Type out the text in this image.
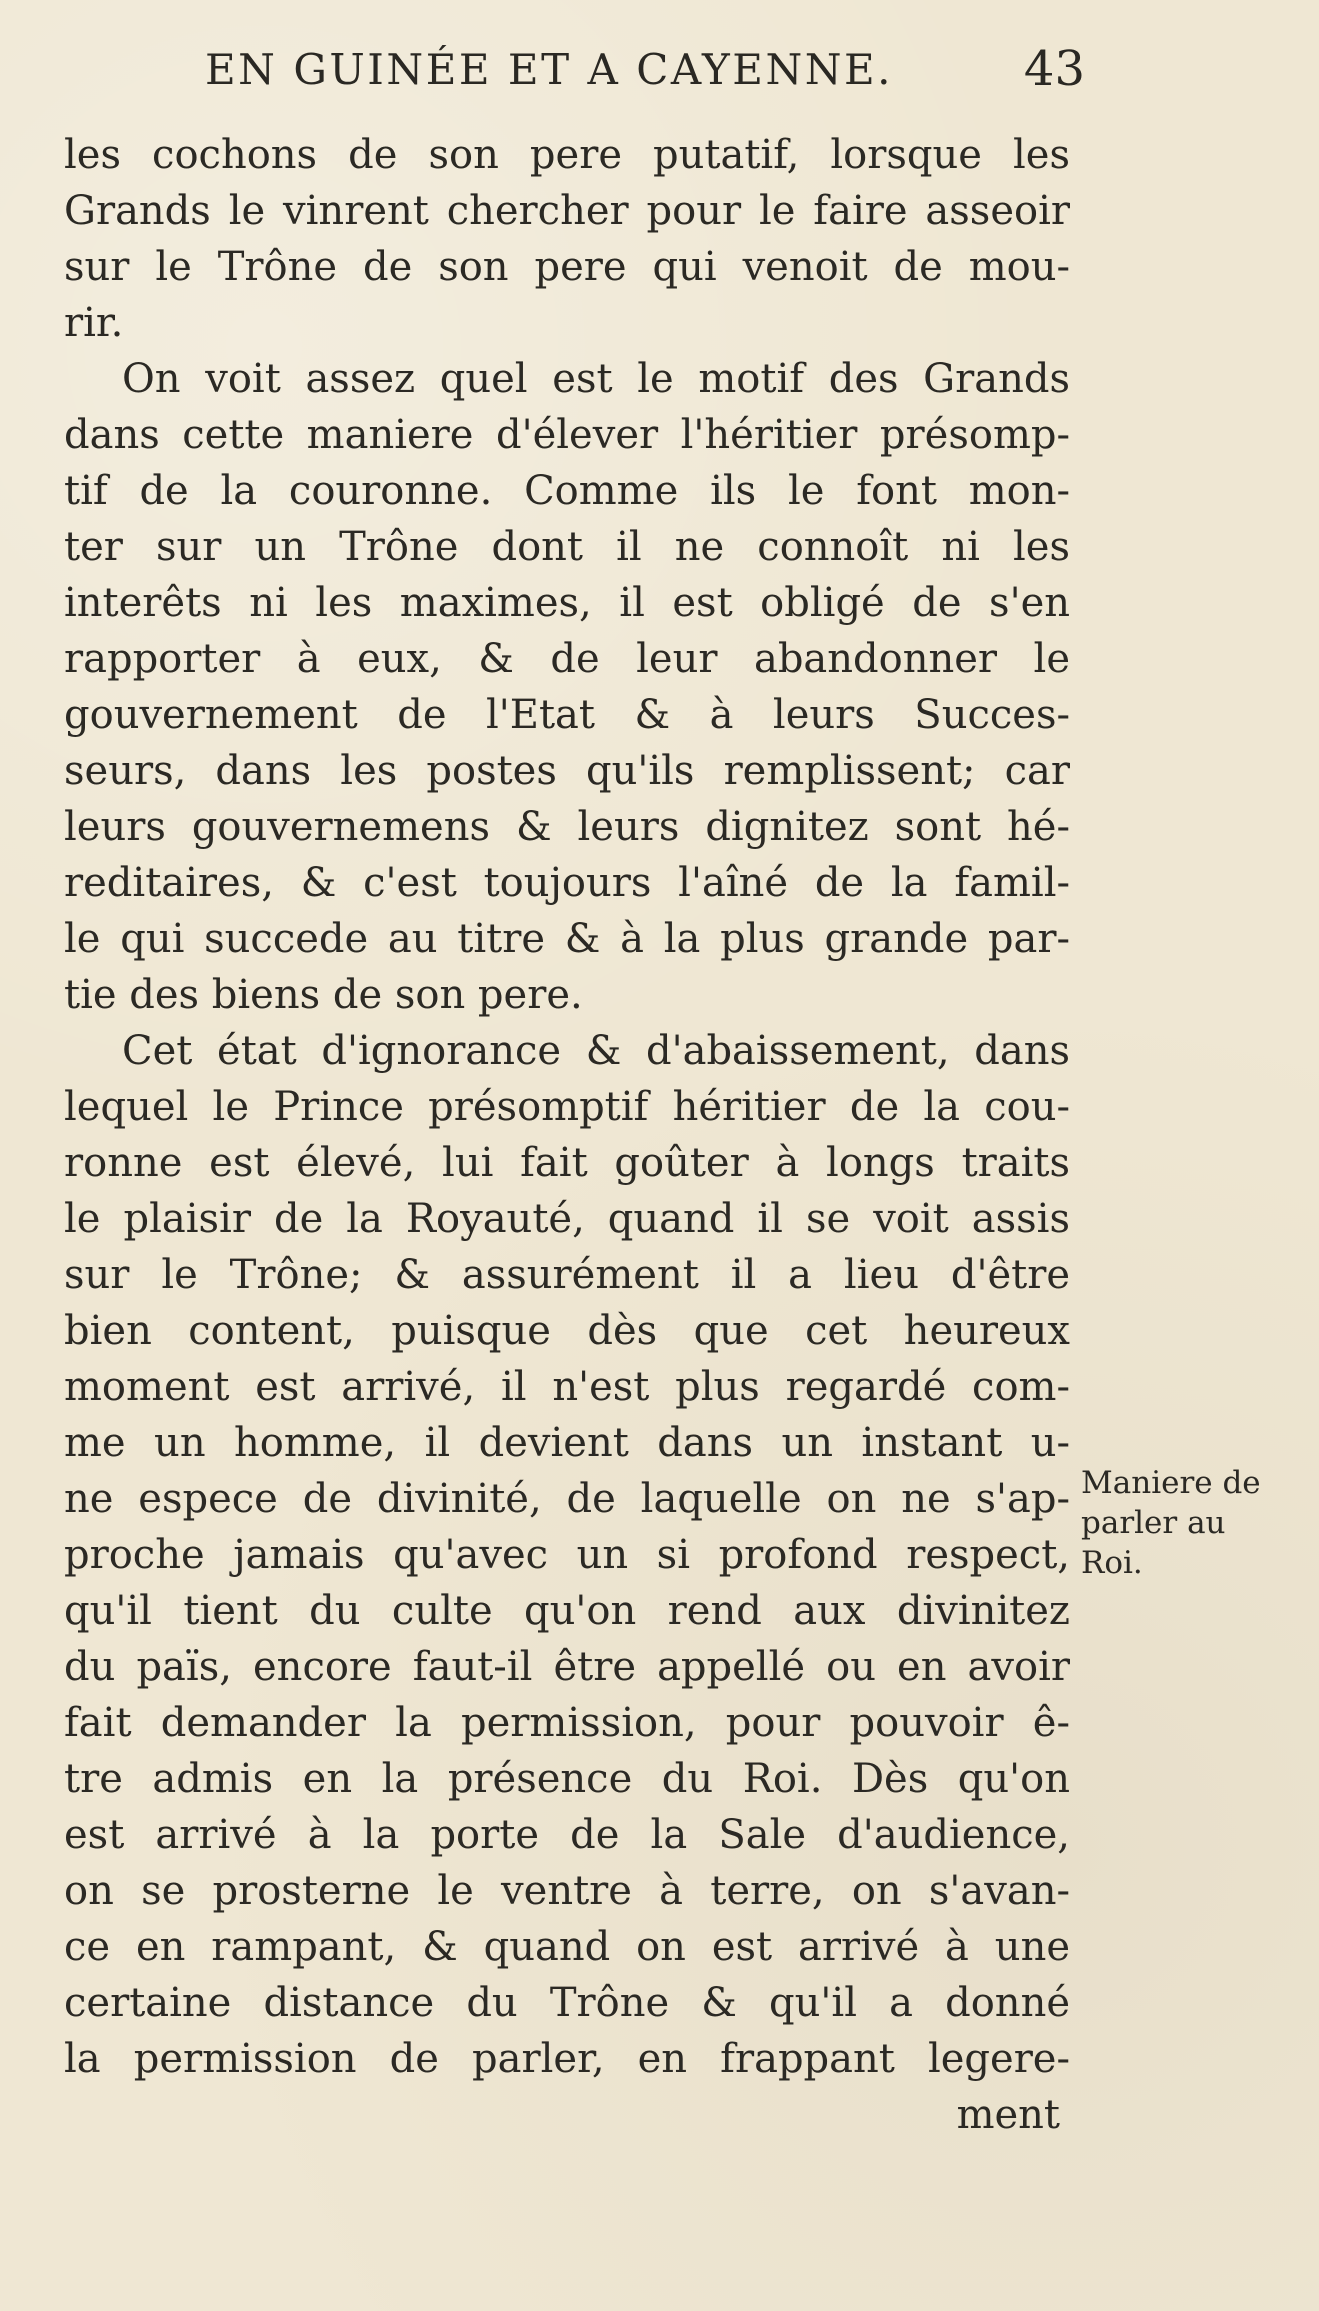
EN GUINÉE ET A CAYENNE.	43
les cochons de son pere putatif, lorsque les
Grands le vinrent chercher pour le faire asseoir
sur le Trône de son pere qui venoit de mou-
rir.
On voit assez quel est le motif des Grands
dans cette maniere d'élever l'héritier présomp-
tif de la couronne. Comme ils le font mon-
ter sur un Trône dont il ne connoît ni les
interêts ni les maximes, il est obligé de s'en
rapporter à eux, & de leur abandonner le
gouvernement de l'Etat & à leurs Succes-
seurs, dans les postes qu'ils remplissent; car
leurs gouvernemens & leurs dignitez sont hé-
reditaires, & c'est toujours l'aîné de la famil-
le qui succede au titre & à la plus grande par-
tie des biens de son pere.
Cet état d'ignorance & d'abaissement, dans
lequel le Prince présomptif héritier de la cou-
ronne est élevé, lui fait goûter à longs traits
le plaisir de la Royauté, quand il se voit assis
sur le Trône; & assurément il a lieu d'être
bien content, puisque dès que cet heureux
moment est arrivé, il n'est plus regardé com-
me un homme, il devient dans un instant u-
ne espece de divinité, de laquelle on ne s'ap-
proche jamais qu'avec un si profond respect,
qu'il tient du culte qu'on rend aux divinitez
du païs, encore faut-il être appellé ou en avoir
fait demander la permission, pour pouvoir ê-
tre admis en la présence du Roi. Dès qu'on
est arrivé à la porte de la Sale d'audience,
on se prosterne le ventre à terre, on s'avan-
ce en rampant, & quand on est arrivé à une
certaine distance du Trône & qu'il a donné
la permission de parler, en frappant legere-
ment
Maniere de
parler au
Roi.
